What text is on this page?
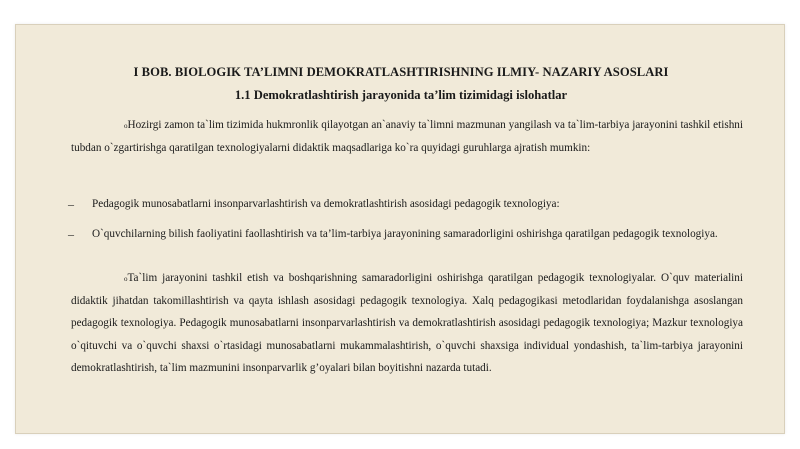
I BOB. BIOLOGIK TA’LIMNI DEMOKRATLASHTIRISHNING ILMIY- NAZARIY ASOSLARI
1.1 Demokratlashtirish jarayonida ta’lim tizimidagi islohatlar
$^o$Hozirgi zamon ta`lim tizimida hukmronlik qilayotgan an`anaviy ta`limni mazmunan yangilash va ta`lim-tarbiya jarayonini tashkil etishni tubdan o`zgartirishga qaratilgan texnologiyalarni didaktik maqsadlariga ko`ra quyidagi guruhlarga ajratish mumkin:
– Pedagogik munosabatlarni insonparvarlashtirish va demokratlashtirish asosidagi pedagogik texnologiya:
– O`quvchilarning bilish faoliyatini faollashtirish va ta’lim-tarbiya jarayonining samaradorligini oshirishga qaratilgan pedagogik texnologiya.
$^o$Ta`lim jarayonini tashkil etish va boshqarishning samaradorligini oshirishga qaratilgan pedagogik texnologiyalar. O`quv materialini didaktik jihatdan takomillashtirish va qayta ishlash asosidagi pedagogik texnologiya. Xalq pedagogikasi metodlaridan foydalanishga asoslangan pedagogik texnologiya. Pedagogik munosabatlarni insonparvarlashtirish va demokratlashtirish asosidagi pedagogik texnologiya; Mazkur texnologiya o`qituvchi va o`quvchi shaxsi o`rtasidagi munosabatlarni mukammalashtirish, o`quvchi shaxsiga individual yondashish, ta`lim-tarbiya jarayonini demokratlashtirish, ta`lim mazmunini insonparvarlik g’oyalari bilan boyitishni nazarda tutadi.
